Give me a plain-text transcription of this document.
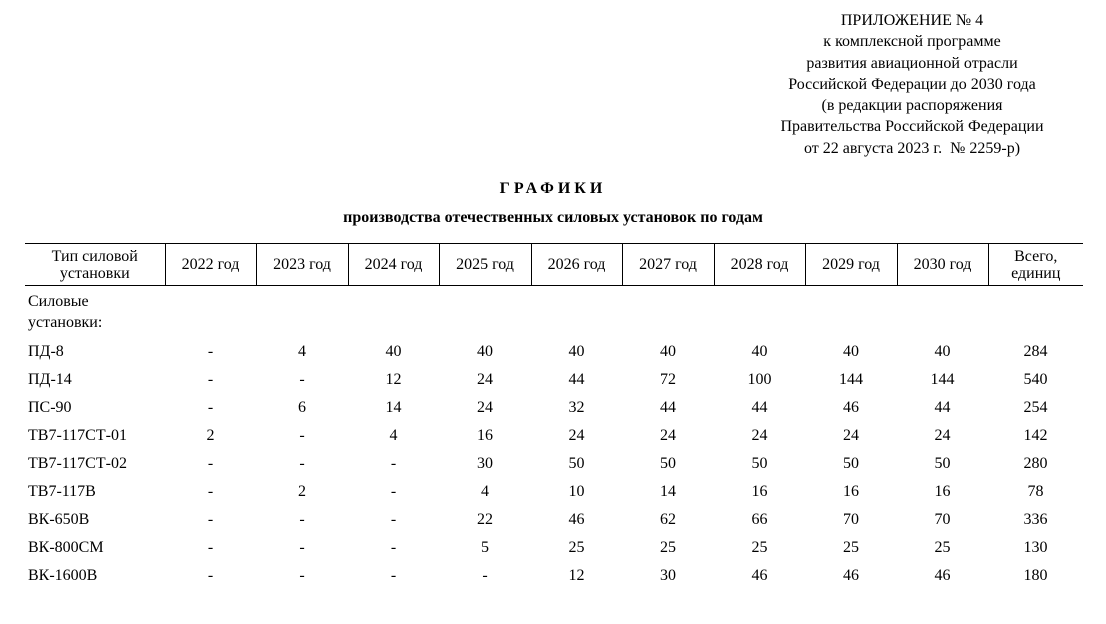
ПРИЛОЖЕНИЕ № 4
к комплексной программе
развития авиационной отрасли
Российской Федерации до 2030 года
(в редакции распоряжения
Правительства Российской Федерации
от 22 августа 2023 г.  № 2259-р)
ГРАФИКИ
производства отечественных силовых установок по годам
Тип силовой установки	2022 год	2023 год	2024 год	2025 год	2026 год	2027 год	2028 год	2029 год	2030 год	Всего, единиц
Силовые установки:										
ПД-8	-	4	40	40	40	40	40	40	40	284
ПД-14	-	-	12	24	44	72	100	144	144	540
ПС-90	-	6	14	24	32	44	44	46	44	254
ТВ7-117СТ-01	2	-	4	16	24	24	24	24	24	142
ТВ7-117СТ-02	-	-	-	30	50	50	50	50	50	280
ТВ7-117В	-	2	-	4	10	14	16	16	16	78
ВК-650В	-	-	-	22	46	62	66	70	70	336
ВК-800СМ	-	-	-	5	25	25	25	25	25	130
ВК-1600В	-	-	-	-	12	30	46	46	46	180
